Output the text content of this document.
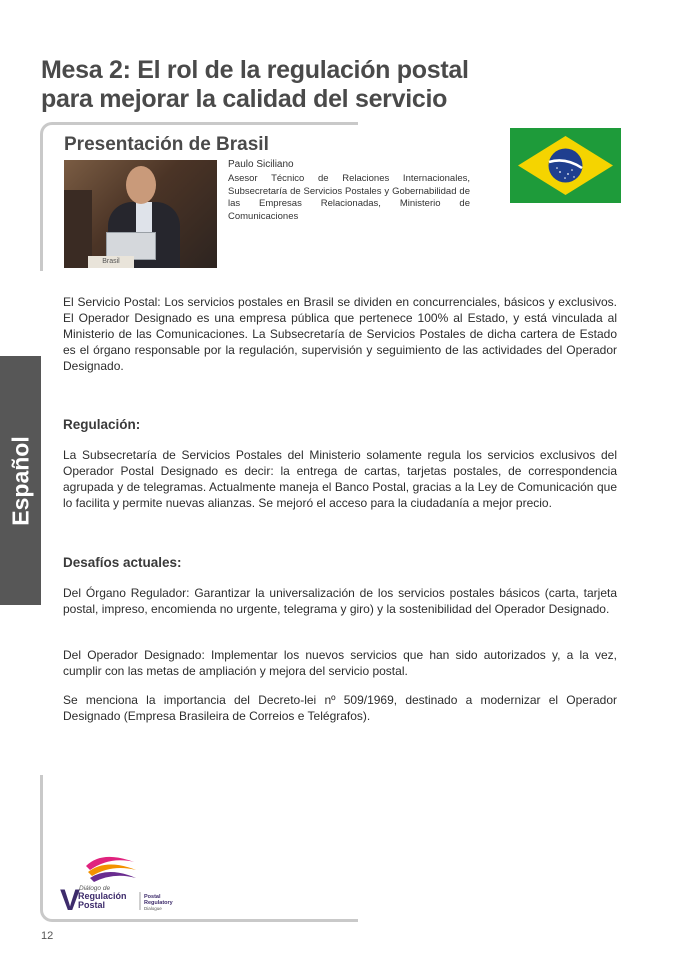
Mesa 2: El rol de la regulación postal
para mejorar la calidad del servicio
Presentación de Brasil
Brasil
Paulo Siciliano
Asesor Técnico de Relaciones Internacionales, Subsecretaría de Servicios Postales y Gobernabilidad de las Empresas Relacionadas, Ministerio de Comunicaciones
Español

El Servicio Postal: Los servicios postales en Brasil se dividen en concurrenciales, básicos y exclusivos. El Operador Designado es una empresa pública que pertenece 100% al Estado, y está vinculada al Ministerio de las Comunicaciones. La Subsecretaría de Servicios Postales de dicha cartera de Estado es el órgano responsable por la regulación, supervisión y seguimiento de las actividades del Operador Designado.

Regulación:

La Subsecretaría de Servicios Postales del Ministerio solamente regula los servicios exclusivos del Operador Postal Designado es decir: la entrega de cartas, tarjetas postales, de correspondencia agrupada y de telegramas. Actualmente maneja el Banco Postal, gracias a la Ley de Comunicación que lo facilita y permite nuevas alianzas. Se mejoró el acceso para la ciudadanía a mejor precio.

Desafíos actuales:

Del Órgano Regulador: Garantizar la universalización de los servicios postales básicos (carta, tarjeta postal, impreso, encomienda no urgente, telegrama y giro) y la sostenibilidad del Operador Designado.

Del Operador Designado: Implementar los nuevos servicios que han sido autorizados y, a la vez, cumplir con las metas de ampliación y mejora del servicio postal.

Se menciona la importancia del Decreto-lei nº 509/1969, destinado a modernizar el Operador Designado (Empresa Brasileira de Correios e Telégrafos).

V
Diálogo de
Regulación
Postal
Postal
Regulatory
Dialogue
12
